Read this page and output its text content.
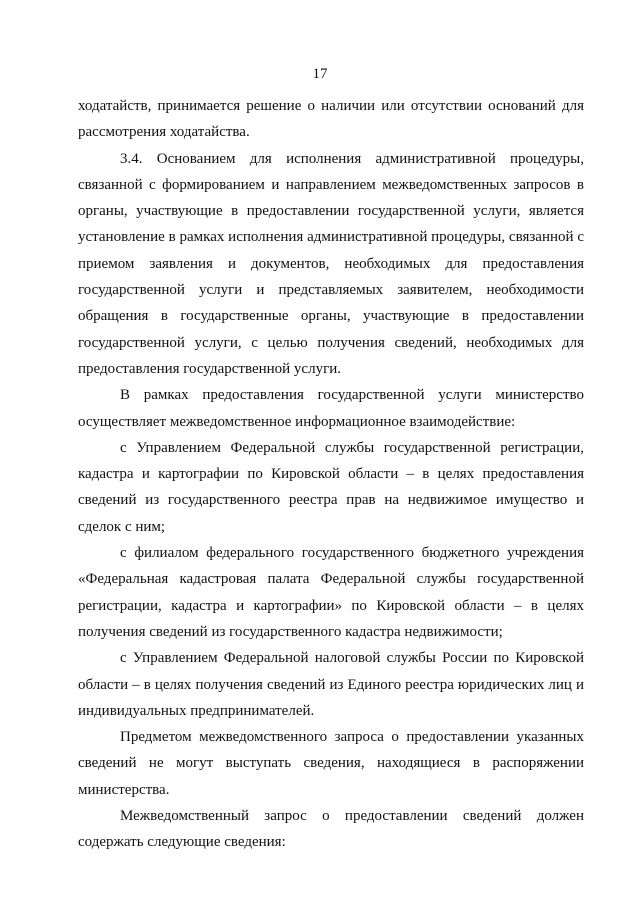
17

ходатайств, принимается решение о наличии или отсутствии оснований для рассмотрения ходатайства.

3.4. Основанием для исполнения административной процедуры, связанной с формированием и направлением межведомственных запросов в органы, участвующие в предоставлении государственной услуги, является установление в рамках исполнения административной процедуры, связанной с приемом заявления и документов, необходимых для предоставления государственной услуги и представляемых заявителем, необходимости обращения в государственные органы, участвующие в предоставлении государственной услуги, с целью получения сведений, необходимых для предоставления государственной услуги.

В рамках предоставления государственной услуги министерство осуществляет межведомственное информационное взаимодействие:

с Управлением Федеральной службы государственной регистрации, кадастра и картографии по Кировской области – в целях предоставления сведений из государственного реестра прав на недвижимое имущество и сделок с ним;

с филиалом федерального государственного бюджетного учреждения «Федеральная кадастровая палата Федеральной службы государственной регистрации, кадастра и картографии» по Кировской области – в целях получения сведений из государственного кадастра недвижимости;

с Управлением Федеральной налоговой службы России по Кировской области – в целях получения сведений из Единого реестра юридических лиц и индивидуальных предпринимателей.

Предметом межведомственного запроса о предоставлении указанных сведений не могут выступать сведения, находящиеся в распоряжении министерства.

Межведомственный запрос о предоставлении сведений должен содержать следующие сведения:
